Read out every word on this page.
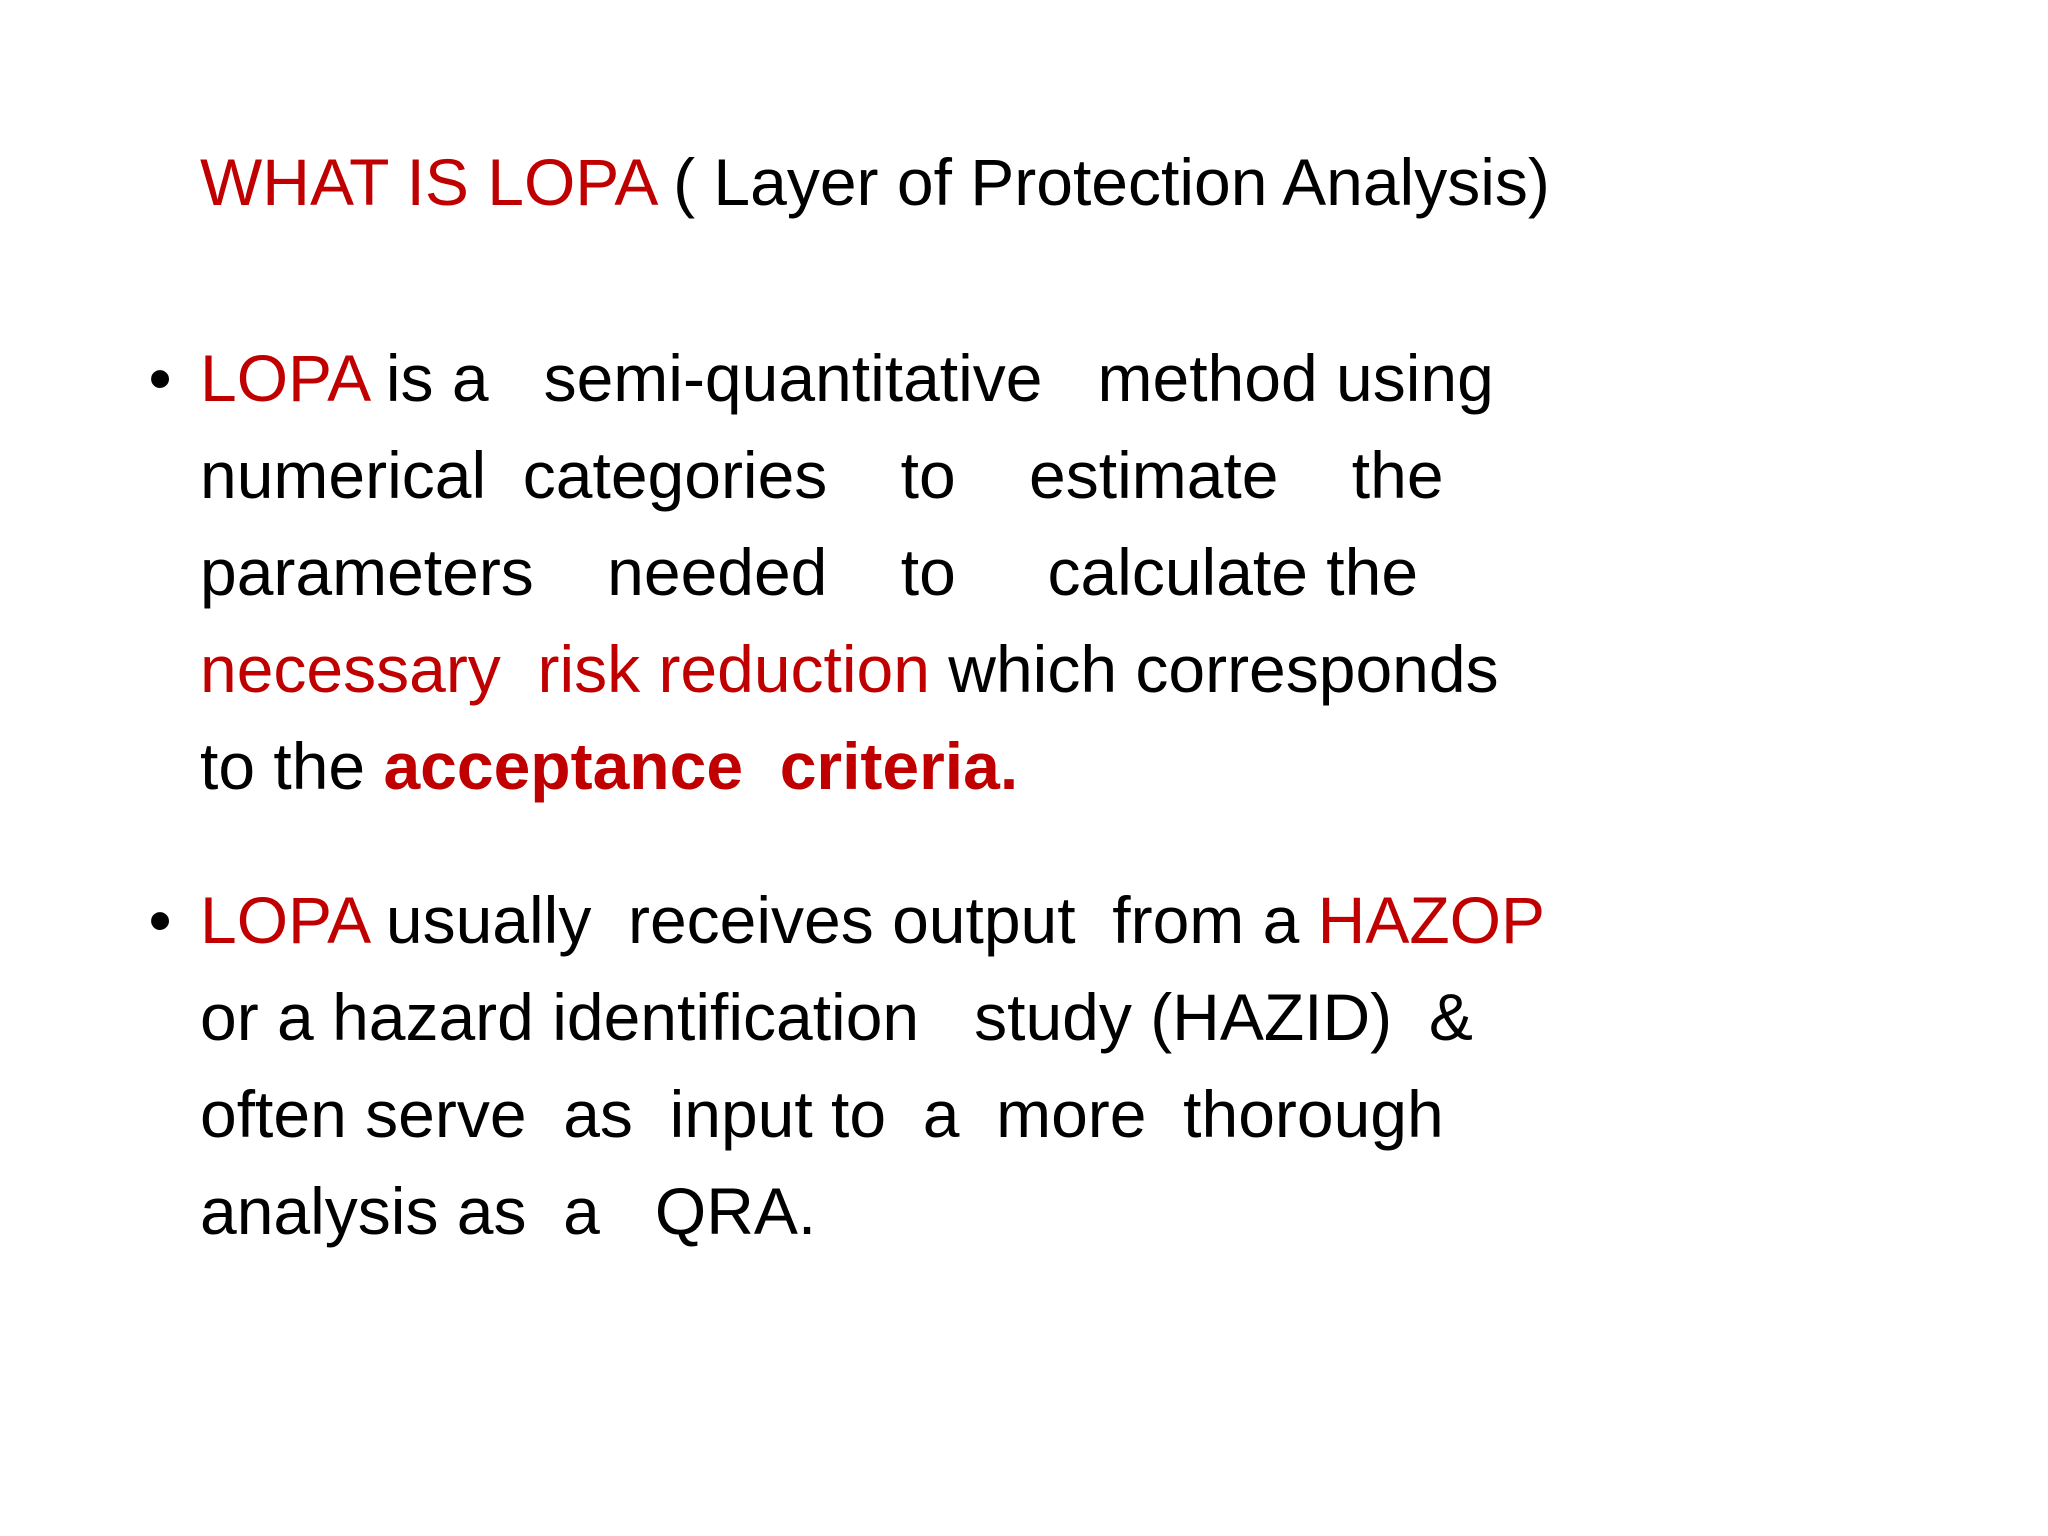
WHAT IS LOPA ( Layer of Protection Analysis)
• LOPA is a   semi-quantitative   method using
numerical  categories    to    estimate    the
parameters    needed    to     calculate the
necessary  risk reduction which corresponds
to the acceptance  criteria.
• LOPA usually  receives output  from a HAZOP
or a hazard identification   study (HAZID)  &
often serve  as  input to  a  more  thorough
analysis as  a   QRA.
